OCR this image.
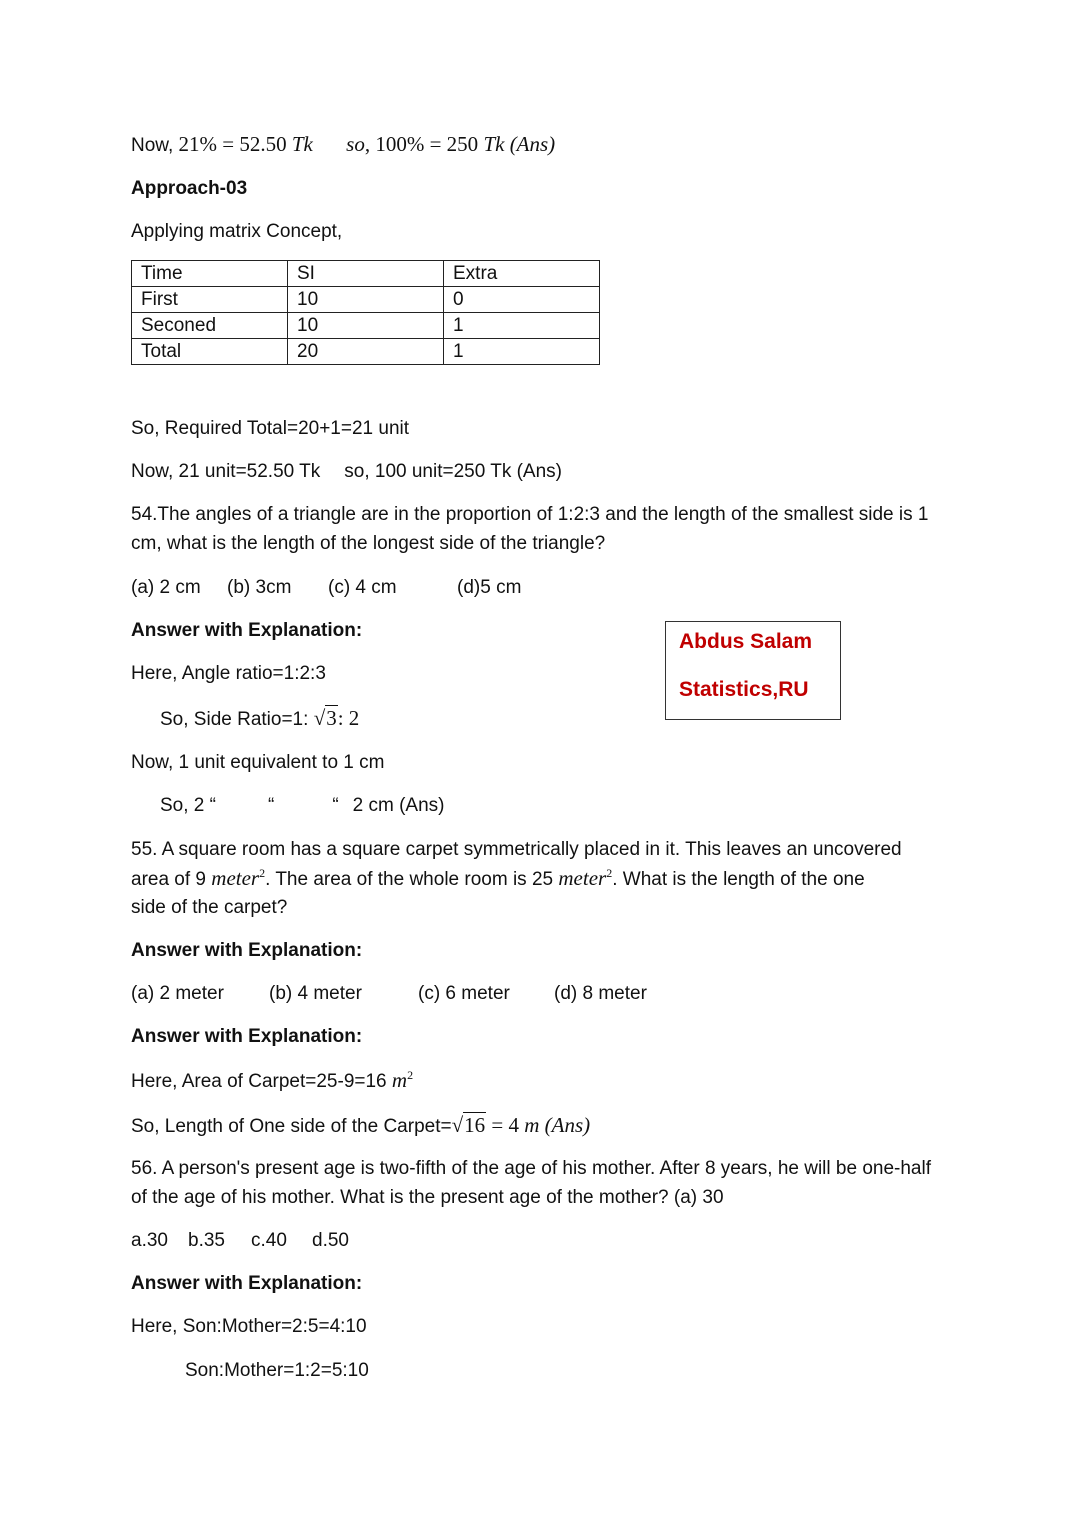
Now, 21% = 52.50 Tk so, 100% = 250 Tk (Ans)
Approach-03
Applying matrix Concept,
Time	SI	Extra
First	10	0
Seconed	10	1
Total	20	1
So, Required Total=20+1=21 unit
Now, 21 unit=52.50 Tk so, 100 unit=250 Tk (Ans)
54.The angles of a triangle are in the proportion of 1:2:3 and the length of the smallest side is 1 cm, what is the length of the longest side of the triangle?
(a) 2 cm (b) 3cm (c) 4 cm	(d)5 cm
Answer with Explanation:
Here, Angle ratio=1:2:3
So, Side Ratio=1: √3: 2
Now, 1 unit equivalent to 1 cm
So, 2 “	“	“ 2 cm (Ans)
Abdus Salam
Statistics,RU
55. A square room has a square carpet symmetrically placed in it. This leaves an uncovered
area of 9 meter$^2$. The area of the whole room is 25 meter$^2$. What is the length of the one
side of the carpet?
Answer with Explanation:
(a) 2 meter (b) 4 meter	(c) 6 meter (d) 8 meter
Answer with Explanation:
Here, Area of Carpet=25-9=16 $m^2$
So, Length of One side of the Carpet=√16 = 4 m (Ans)
56. A person's present age is two-fifth of the age of his mother. After 8 years, he will be one-half of the age of his mother. What is the present age of the mother? (a) 30
a.30 b.35 c.40 d.50
Answer with Explanation:
Here, Son:Mother=2:5=4:10
Son:Mother=1:2=5:10
